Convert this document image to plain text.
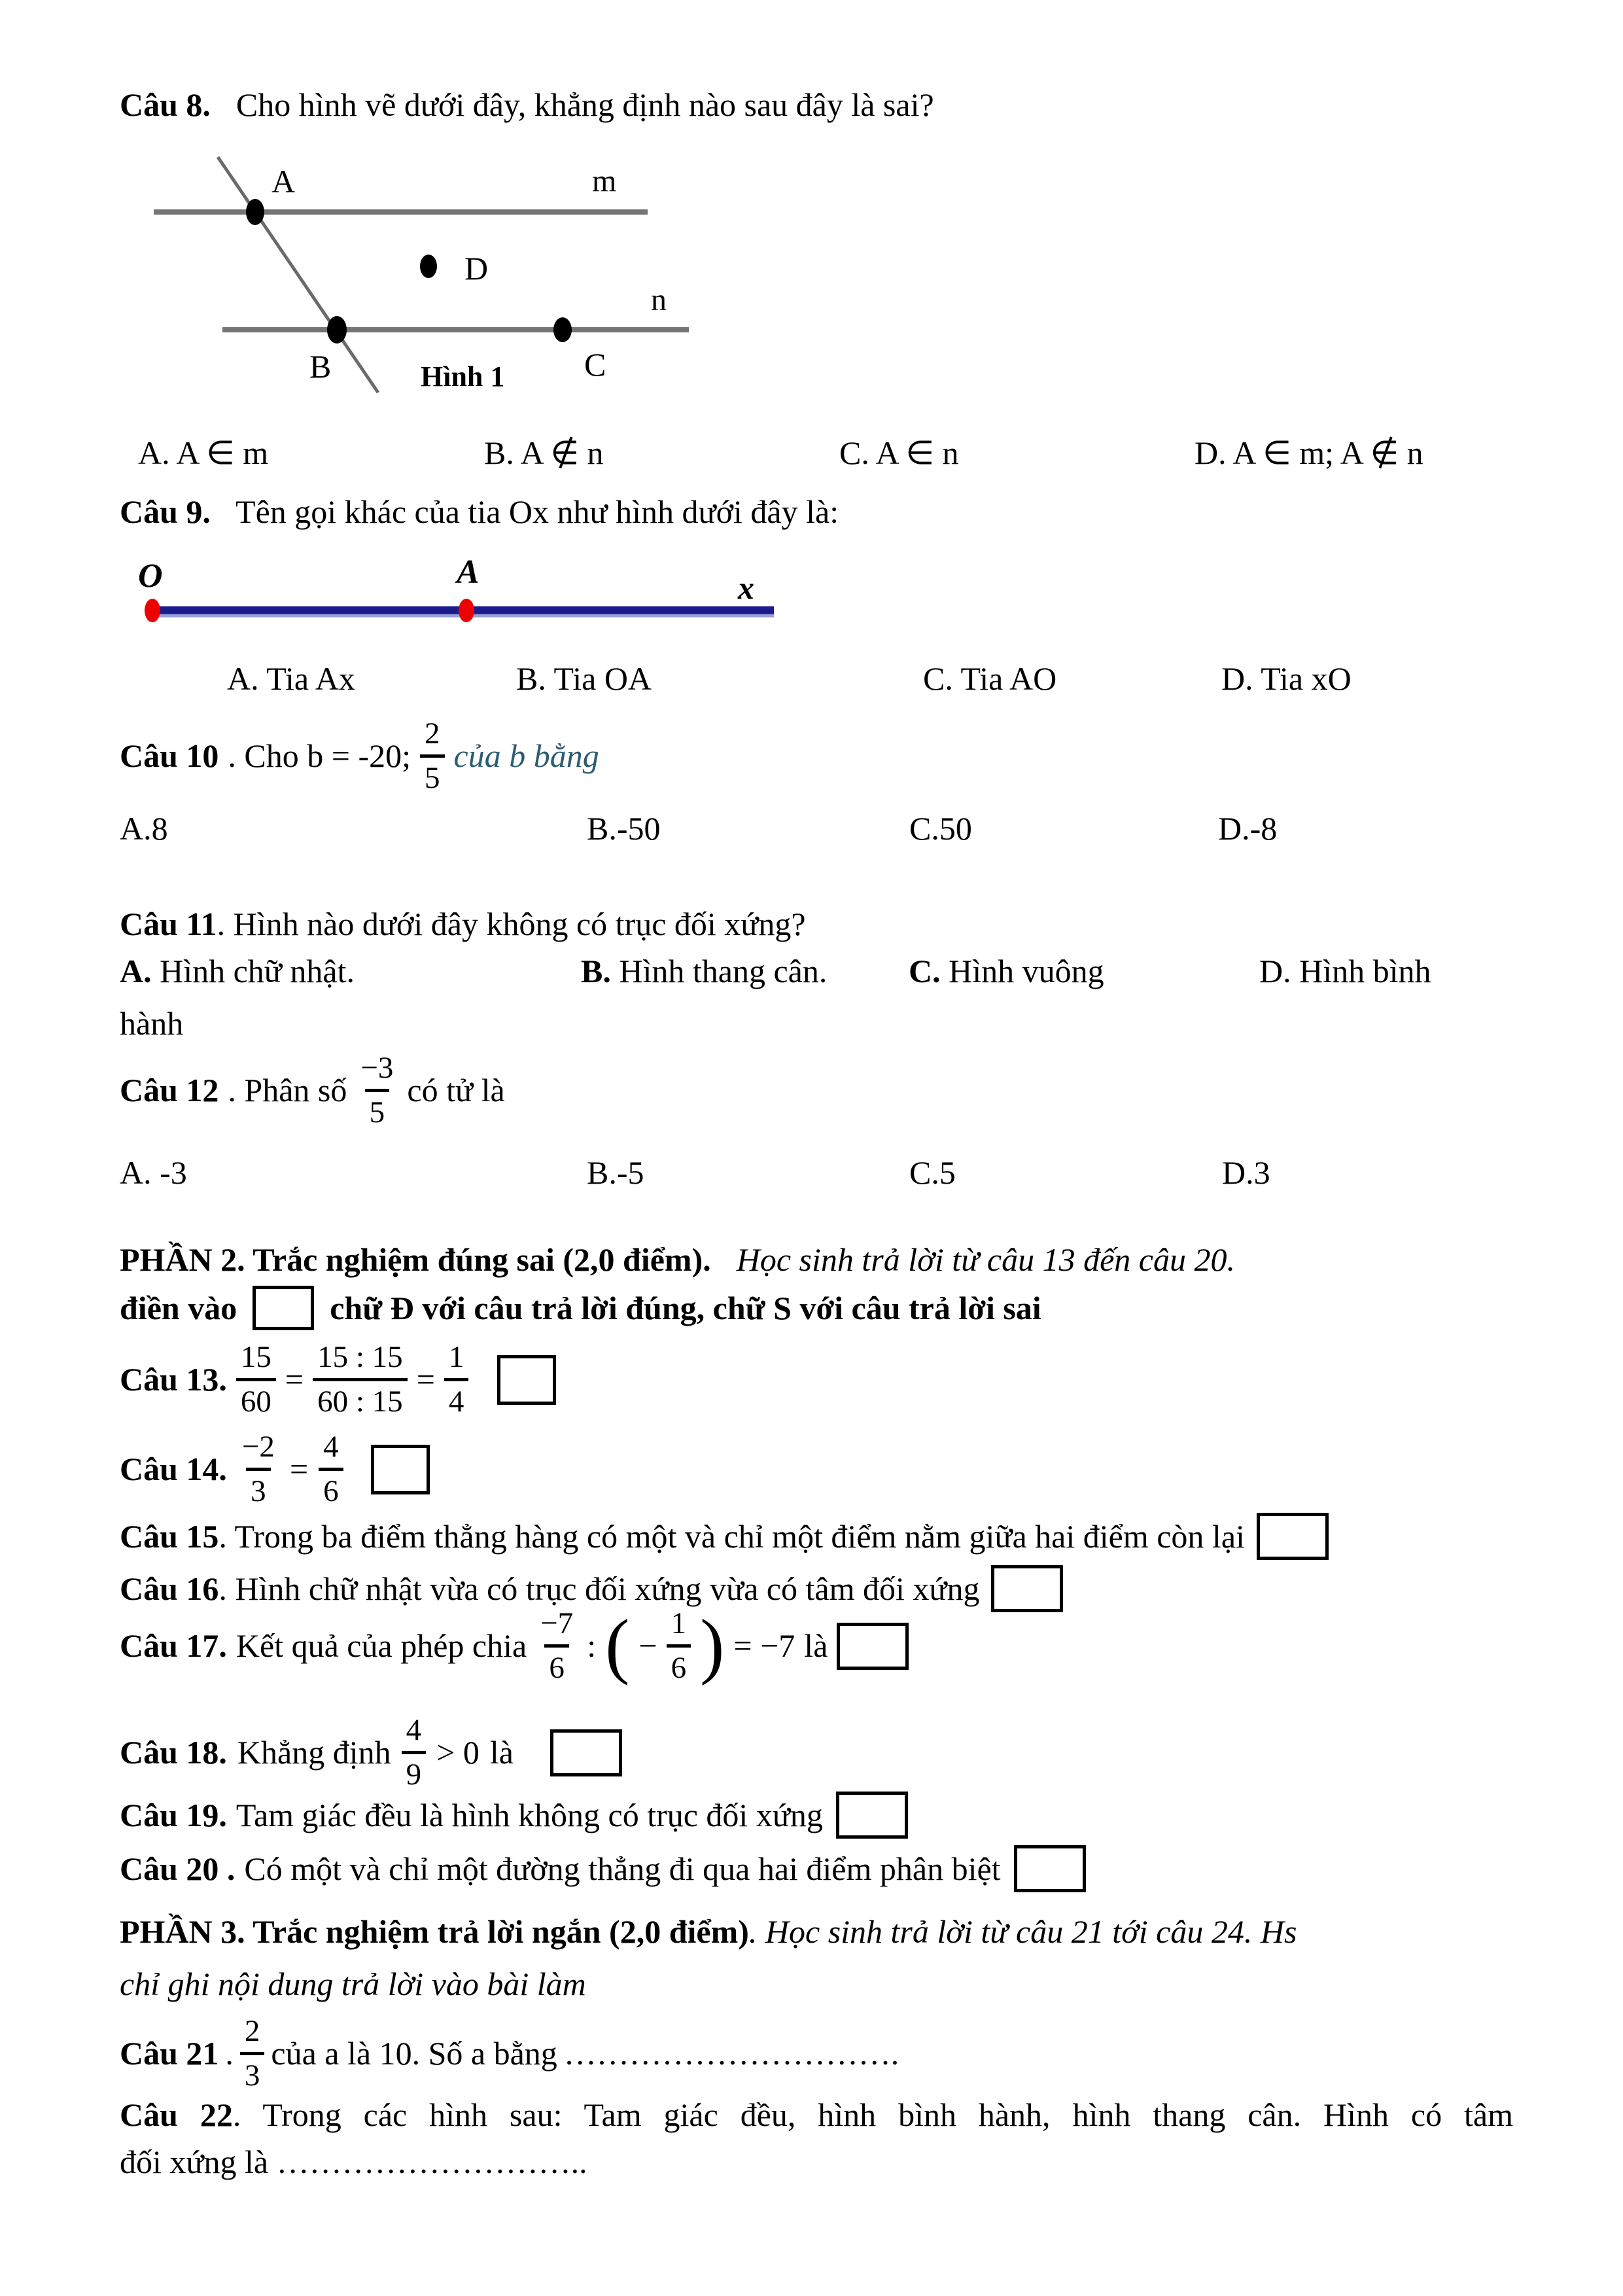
Câu 8. Cho hình vẽ dưới đây, khẳng định nào sau đây là sai?
A	m
D
n
B	C
Hình 1
A. A ∈ m	B. A ∉ n	C. A ∈ n	D. A ∈ m; A ∉ n
Câu 9. Tên gọi khác của tia Ox như hình dưới đây là:
O	A	x
A. Tia Ax	B. Tia OA	C. Tia AO	D. Tia xO
Câu 10 . Cho b = -20; $\frac{2}{5}$ của b bằng
A.8	B.-50	C.50	D.-8
Câu 11. Hình nào dưới đây không có trục đối xứng?
A. Hình chữ nhật.	B. Hình thang cân. C. Hình vuông	D. Hình bình
hành
Câu 12 . Phân số $\frac{-3}{5}$ có tử là
A. -3	B.-5	C.5	D.3
PHẦN 2. Trắc nghiệm đúng sai (2,0 điểm). Học sinh trả lời từ câu 13 đến câu 20.
điền vào	chữ Đ với câu trả lời đúng, chữ S với câu trả lời sai
Câu 13. $\frac{15}{60} = \frac{15 : 15}{60 : 15} = \frac{1}{4}$
Câu 14. $\frac{-2}{3} = \frac{4}{6}$
Câu 15 . Trong ba điểm thẳng hàng có một và chỉ một điểm nằm giữa hai điểm còn lại
Câu 16 . Hình chữ nhật vừa có trục đối xứng vừa có tâm đối xứng
Câu 17. Kết quả của phép chia $\frac{-7}{6}$ : ( − $\frac{1}{6}$ ) = −7 là
Câu 18. Khẳng định $\frac{4}{9} > 0$ là
Câu 19. Tam giác đều là hình không có trục đối xứng
Câu 20 . Có một và chỉ một đường thẳng đi qua hai điểm phân biệt
PHẦN 3. Trắc nghiệm trả lời ngắn (2,0 điểm). Học sinh trả lời từ câu 21 tới câu 24. Hs
chỉ ghi nội dung trả lời vào bài làm
Câu 21 . $\frac{2}{3}$ của a là 10. Số a bằng ………………………….
Câu 22. Trong các hình sau: Tam giác đều, hình bình hành, hình thang cân. Hình có tâm
đối xứng là ………………………..
